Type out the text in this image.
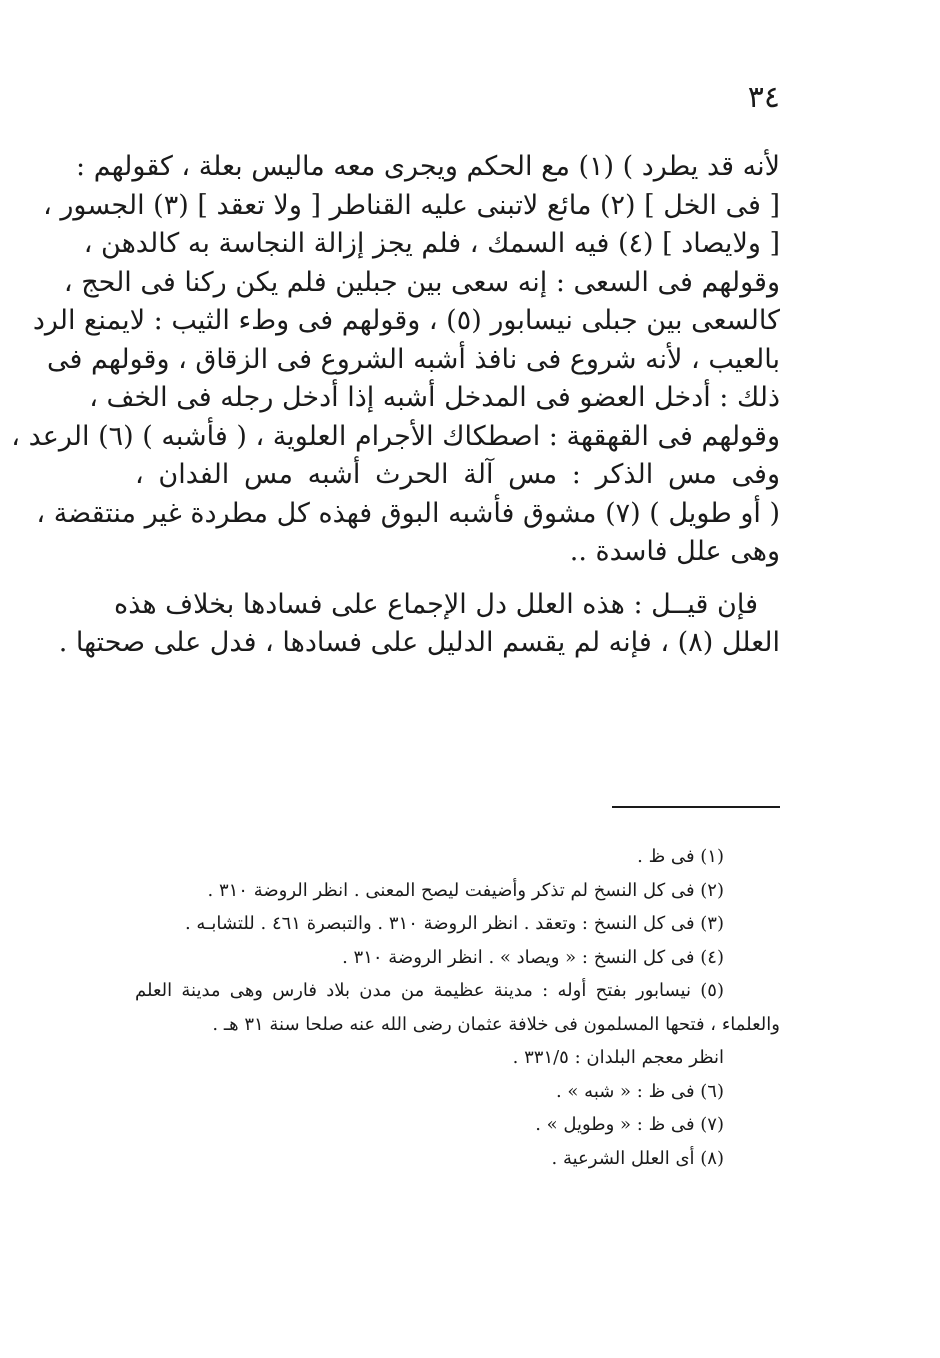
٣٤

لأنه قد يطرد ) (١) مع الحكم ويجرى معه ماليس بعلة ، كقولهم :
[ فى الخل ] (٢) مائع لاتبنى عليه القناطر [ ولا تعقد ] (٣) الجسور ،
[ ولايصاد ] (٤) فيه السمك ، فلم يجز إزالة النجاسة به كالدهن ،
وقولهم فى السعى : إنه سعى بين جبلين فلم يكن ركنا فى الحج ،
كالسعى بين جبلى نيسابور (٥) ، وقولهم فى وطء الثيب : لايمنع الرد
بالعيب ، لأنه شروع فى نافذ أشبه الشروع فى الزقاق ، وقولهم فى
ذلك : أدخل العضو فى المدخل أشبه إذا أدخل رجله فى الخف ،
وقولهم فى القهقهة : اصطكاك الأجرام العلوية ، ( فأشبه ) (٦) الرعد ،
وفى مس الذكر : مس آلة الحرث أشبه مس الفدان ،
( أو طويل ) (٧) مشوق فأشبه البوق فهذه كل مطردة غير منتقضة ،
وهى علل فاسدة ..
فإن قيــل : هذه العلل دل الإجماع على فسادها بخلاف هذه
العلل (٨) ، فإنه لم يقسم الدليل على فسادها ، فدل على صحتها .
(١) فى ظ .
(٢) فى كل النسخ لم تذكر وأضيفت ليصح المعنى . انظر الروضة ٣١٠ .
(٣) فى كل النسخ : وتعقد . انظر الروضة ٣١٠ . والتبصرة ٤٦١ . للتشابـه .
(٤) فى كل النسخ : « ويصاد » . انظر الروضة ٣١٠ .
(٥) نيسابور بفتح أوله : مدينة عظيمة من مدن بلاد فارس وهى مدينة العلم
والعلماء ، فتحها المسلمون فى خلافة عثمان رضى الله عنه صلحا سنة ٣١ هـ .
انظر معجم البلدان : ٣٣١/٥ .
(٦) فى ظ : « شبه » .
(٧) فى ظ : « وطويل » .
(٨) أى العلل الشرعية .
